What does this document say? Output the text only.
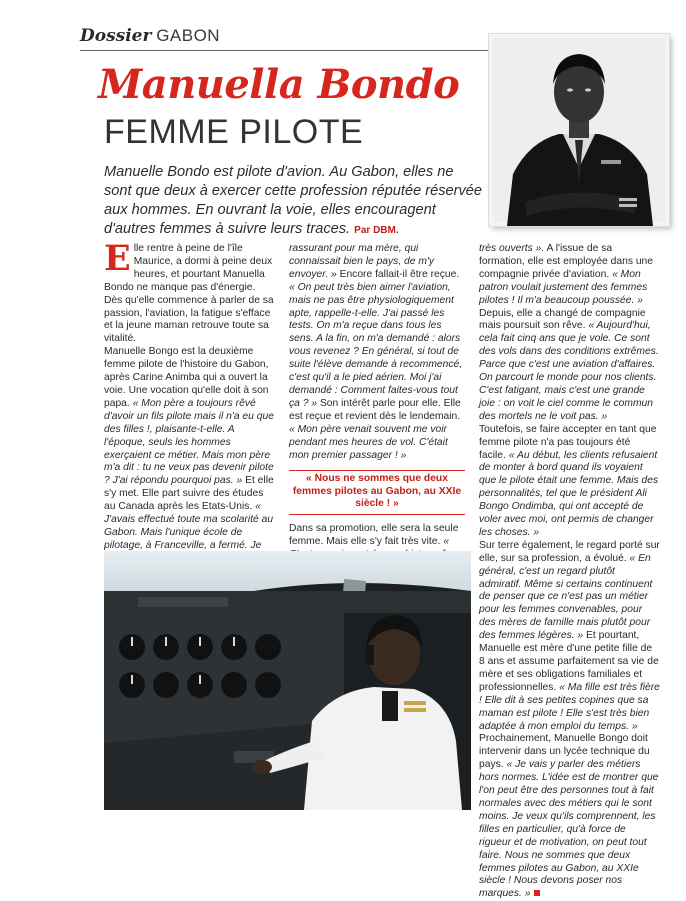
Dossier GABON
Manuella Bondo
FEMME PILOTE
Manuelle Bondo est pilote d'avion. Au Gabon, elles ne sont que deux à exercer cette profession réputée réservée aux hommes. En ouvrant la voie, elles encouragent d'autres femmes à suivre leurs traces. Par DBM.

Elle rentre à peine de l'île Maurice, a dormi à peine deux heures, et pourtant Manuella Bondo ne manque pas d'énergie. Dès qu'elle commence à parler de sa passion, l'aviation, la fatigue s'efface et la jeune maman retrouve toute sa vitalité.

Manuelle Bongo est la deuxième femme pilote de l'histoire du Gabon, après Carine Animba qui a ouvert la voie. Une vocation qu'elle doit à son papa. « Mon père a toujours rêvé d'avoir un fils pilote mais il n'a eu que des filles !, plaisante-t-elle. A l'époque, seuls les hommes exerçaient ce métier. Mais mon père m'a dit : tu ne veux pas devenir pilote ? J'ai répondu pourquoi pas. » Et elle s'y met. Elle part suivre des études au Canada après les Etats-Unis. « J'avais effectué toute ma scolarité au Gabon. Mais l'unique école de pilotage, à Franceville, a fermé. Je

rassurant pour ma mère, qui connaissait bien le pays, de m'y envoyer. » Encore fallait-il être reçue. « On peut très bien aimer l'aviation, mais ne pas être physiologiquement apte, rappelle-t-elle. J'ai passé les tests. On m'a reçue dans tous les sens. A la fin, on m'a demandé : alors vous revenez ? En général, si tout de suite l'élève demande à recommencé, c'est qu'il a le pied aérien. Moi j'ai demandé : Comment faites-vous tout ça ? » Son intérêt parle pour elle. Elle est reçue et revient dès le lendemain. « Mon père venait souvent me voir pendant mes heures de vol. C'était mon premier passager ! »

« Nous ne sommes que deux femmes pilotes au Gabon, au XXIe siècle ! »

Dans sa promotion, elle sera la seule femme. Mais elle s'y fait très vite. «

très ouverts ». A l'issue de sa formation, elle est employée dans une compagnie privée d'aviation. « Mon patron voulait justement des femmes pilotes ! Il m'a beaucoup poussée. » Depuis, elle a changé de compagnie mais poursuit son rêve. « Aujourd'hui, cela fait cinq ans que je vole. Ce sont des vols dans des conditions extrêmes. Parce que c'est une aviation d'affaires. On parcourt le monde pour nos clients. C'est fatigant, mais c'est une grande joie : on voit le ciel comme le commun des mortels ne le voit pas. »

Toutefois, se faire accepter en tant que femme pilote n'a pas toujours été facile. « Au début, les clients refusaient de monter à bord quand ils voyaient que le pilote était une femme. Mais des personnalités, tel que le président Ali Bongo Ondimba, qui ont accepté de voler avec moi, ont permis de changer les choses. »

Sur terre également, le regard porté sur elle, sur sa profession, a évolué. « En général, c'est un regard plutôt admiratif. Même si certains continuent de penser que ce n'est pas un métier pour les femmes convenables, pour des mères de famille mais plutôt pour des femmes légères. » Et pourtant, Manuelle est mère d'une petite fille de 8 ans et assume parfaitement sa vie de mère et ses obligations familiales et professionnelles. « Ma fille est très fière ! Elle dit à ses petites copines que sa maman est pilote ! Elle s'est très bien adaptée à mon emploi du temps. »

Prochainement, Manuelle Bongo doit intervenir dans un lycée technique du pays. « Je vais y parler des métiers hors normes. L'idée est de montrer que l'on peut être des personnes tout à fait normales avec des métiers qui le sont moins. Je veux qu'ils comprennent, les filles en particulier, qu'à force de rigueur et de motivation, on peut tout faire. Nous ne sommes que deux femmes pilotes au Gabon, au XXIe siècle ! Nous devons poser nos marques. »
